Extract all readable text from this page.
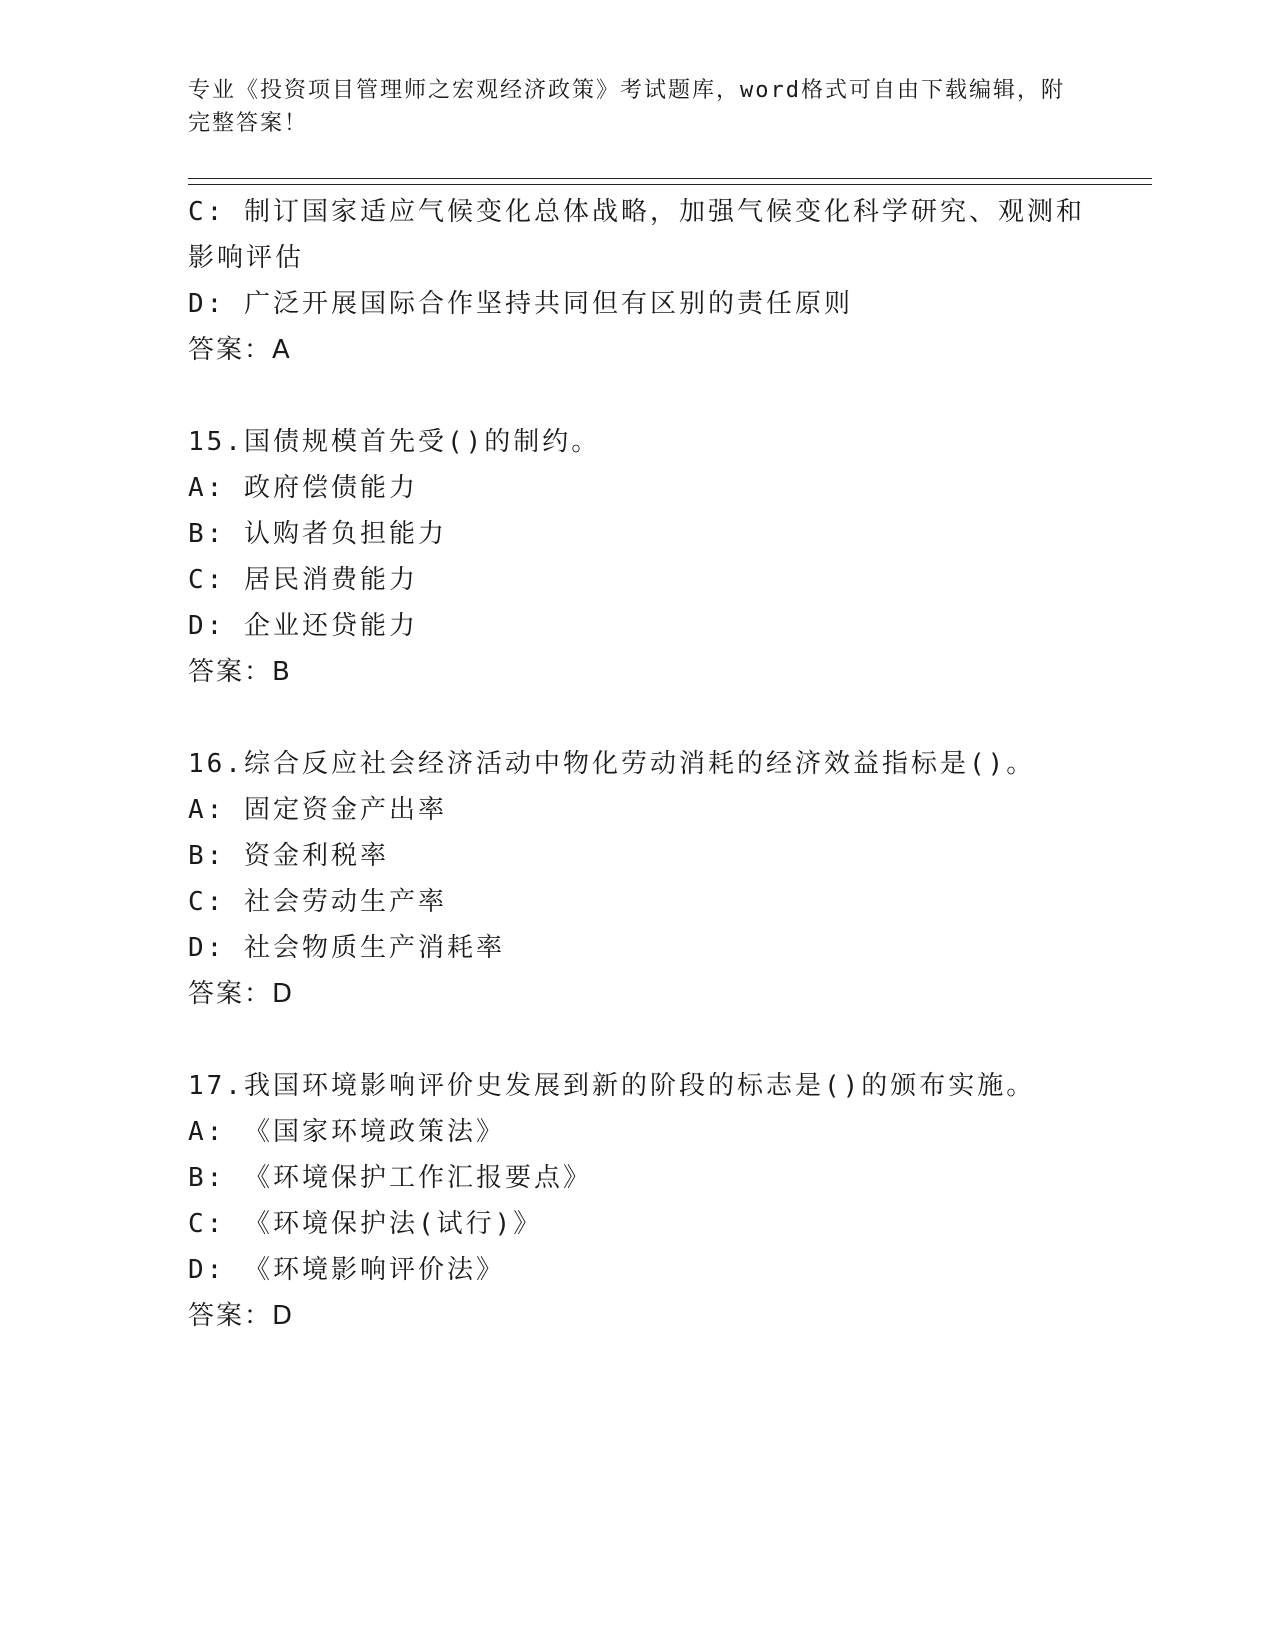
专业《投资项目管理师之宏观经济政策》考试题库，word格式可自由下载编辑，附完整答案！
C: 制订国家适应气候变化总体战略，加强气候变化科学研究、观测和影响评估
D: 广泛开展国际合作坚持共同但有区别的责任原则
答案：A
15.国债规模首先受()的制约。
A: 政府偿债能力
B: 认购者负担能力
C: 居民消费能力
D: 企业还贷能力
答案：B
16.综合反应社会经济活动中物化劳动消耗的经济效益指标是()。
A: 固定资金产出率
B: 资金利税率
C: 社会劳动生产率
D: 社会物质生产消耗率
答案：D
17.我国环境影响评价史发展到新的阶段的标志是()的颁布实施。
A: 《国家环境政策法》
B: 《环境保护工作汇报要点》
C: 《环境保护法(试行)》
D: 《环境影响评价法》
答案：D
